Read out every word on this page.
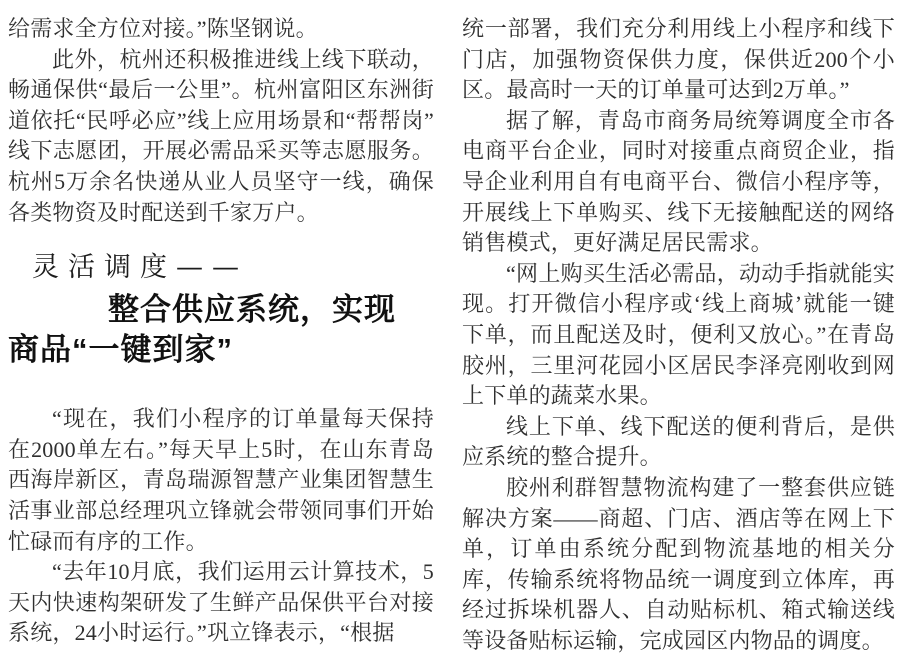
给需求全方位对接。”陈坚钢说。

此外，杭州还积极推进线上线下联动，畅通保供“最后一公里”。杭州富阳区东洲街道依托“民呼必应”线上应用场景和“帮帮岗”线下志愿团，开展必需品采买等志愿服务。杭州5万余名快递从业人员坚守一线，确保各类物资及时配送到千家万户。

灵活调度——
整合供应系统，实现
商品“一键到家”

“现在，我们小程序的订单量每天保持在2000单左右。”每天早上5时，在山东青岛西海岸新区，青岛瑞源智慧产业集团智慧生活事业部总经理巩立锋就会带领同事们开始忙碌而有序的工作。

“去年10月底，我们运用云计算技术，5天内快速构架研发了生鲜产品保供平台对接系统，24小时运行。”巩立锋表示，“根据

统一部署，我们充分利用线上小程序和线下门店，加强物资保供力度，保供近200个小区。最高时一天的订单量可达到2万单。”

据了解，青岛市商务局统筹调度全市各电商平台企业，同时对接重点商贸企业，指导企业利用自有电商平台、微信小程序等，开展线上下单购买、线下无接触配送的网络销售模式，更好满足居民需求。

“网上购买生活必需品，动动手指就能实现。打开微信小程序或‘线上商城’就能一键下单，而且配送及时，便利又放心。”在青岛胶州，三里河花园小区居民李泽亮刚收到网上下单的蔬菜水果。

线上下单、线下配送的便利背后，是供应系统的整合提升。

胶州利群智慧物流构建了一整套供应链解决方案——商超、门店、酒店等在网上下单，订单由系统分配到物流基地的相关分库，传输系统将物品统一调度到立体库，再经过拆垛机器人、自动贴标机、箱式输送线等设备贴标运输，完成园区内物品的调度。
